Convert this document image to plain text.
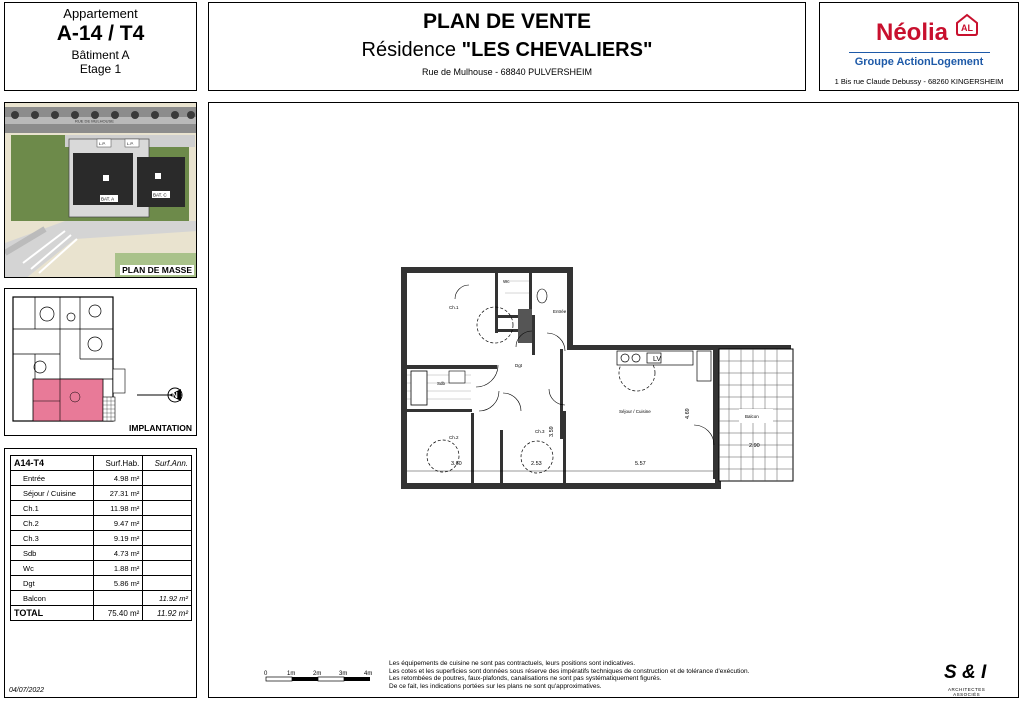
Appartement
A-14 / T4
Bâtiment A
Etage 1
PLAN DE VENTE
Résidence "LES CHEVALIERS"
Rue de Mulhouse - 68840 PULVERSHEIM
Néolia AL
Groupe ActionLogement
1 Bis rue Claude Debussy - 68260 KINGERSHEIM
RUE DE MULHOUSE
L.P.	L.P.
BAT. A
BAT. C
PLAN DE MASSE
N
IMPLANTATION
A14-T4	Surf.Hab.	Surf.Ann.
Entrée	4.98 m²	
Séjour / Cuisine	27.31 m²	
Ch.1	11.98 m²	
Ch.2	9.47 m²	
Ch.3	9.19 m²	
Sdb	4.73 m²	
Wc	1.88 m²	
Dgt	5.86 m²	
Balcon		11.92 m²
TOTAL	75.40 m²	11.92 m²
04/07/2022
LV
Ch.1
Entrée
Sdb
Dgt
Séjour / Cuisine
Balcon
Ch.2
Ch.3
Wc
3.60	2.53	5.57
2.90
3.59
4.69
0	1m	2m	3m	4m
Les équipements de cuisine ne sont pas contractuels, leurs positions sont indicatives.
Les cotes et les superficies sont données sous réserve des impératifs techniques de construction et de tolérance d'exécution.
Les retombées de poutres, faux-plafonds, canalisations ne sont pas systématiquement figurés.
De ce fait, les indications portées sur les plans ne sont qu'approximatives.
S & I
ARCHITECTES
ASSOCIÉS
